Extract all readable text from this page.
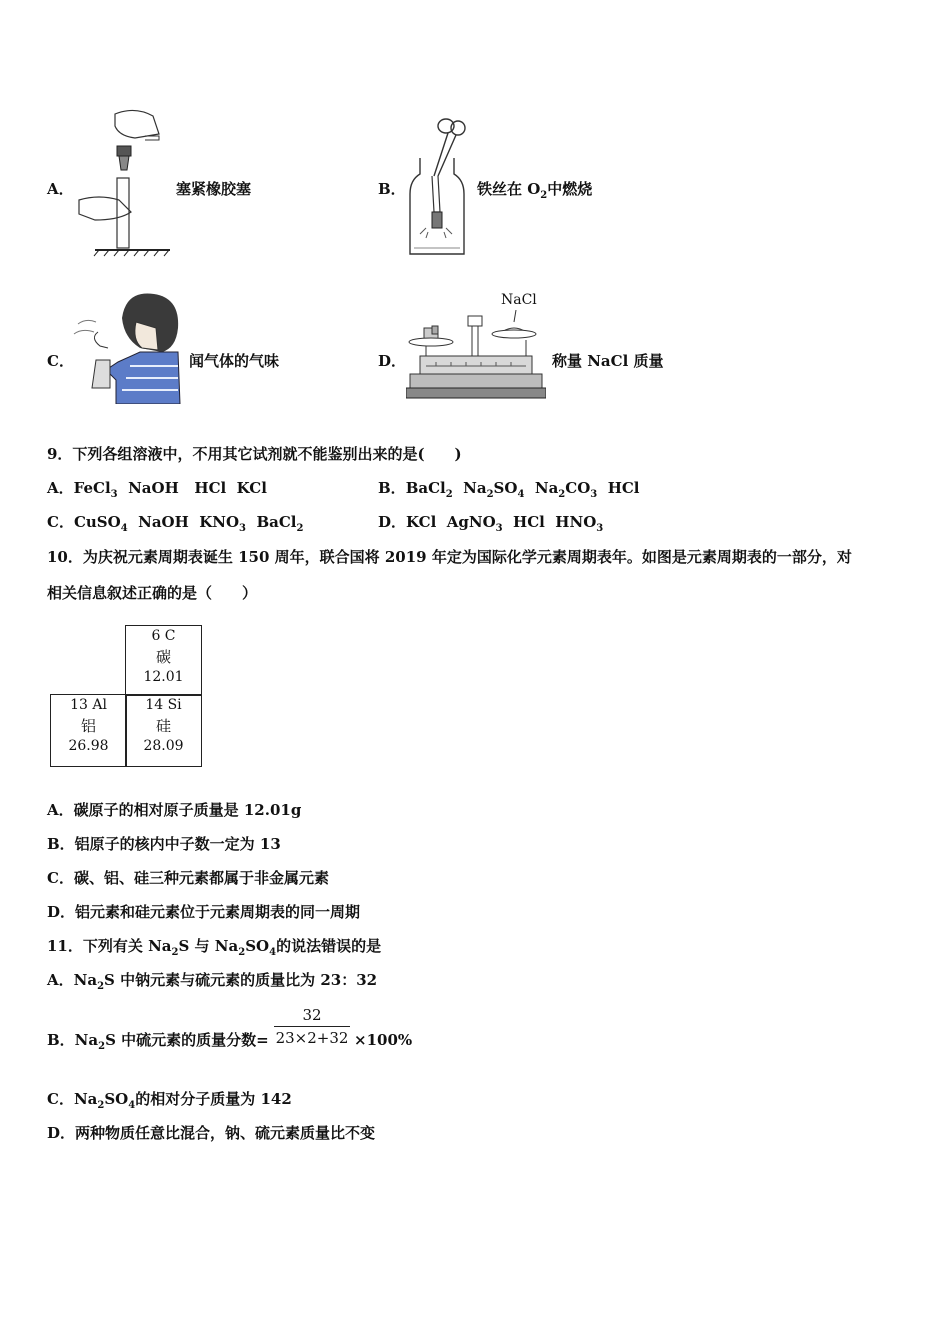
A．	塞紧橡胶塞	B．	铁丝在 $O_2$中燃烧
C．	闻气体的气味	D．
NaCl
称量 NaCl 质量
9．下列各组溶液中，不用其它试剂就不能鉴别出来的是(　　)
A．FeCl$_3$  NaOH   HCl  KCl	B．BaCl$_2$  $Na_2SO_4$  $Na_2CO_3$  HCl
C．CuSO$_4$  NaOH  $KNO_3$  BaCl$_2$	D．KCl  AgNO$_3$  HCl  $HNO_3$
10．为庆祝元素周期表诞生 150 周年，联合国将 2019 年定为国际化学元素周期表年。如图是元素周期表的一部分，对
相关信息叙述正确的是（　　）
6 C
碳
12.01
13 Al
铝
26.98
14 Si
硅
28.09
A．碳原子的相对原子质量是 12.01g
B．铝原子的核内中子数一定为 13
C．碳、铝、硅三种元素都属于非金属元素
D．铝元素和硅元素位于元素周期表的同一周期
11．下列有关 $Na_2S$ 与 $Na_2SO_4$的说法错误的是
A．$Na_2S$ 中钠元素与硫元素的质量比为 23：32
B．$Na_2S$ 中硫元素的质量分数=
32
23×2+32 ×100%
C．$Na_2SO_4$的相对分子质量为 142
D．两种物质任意比混合，钠、硫元素质量比不变
